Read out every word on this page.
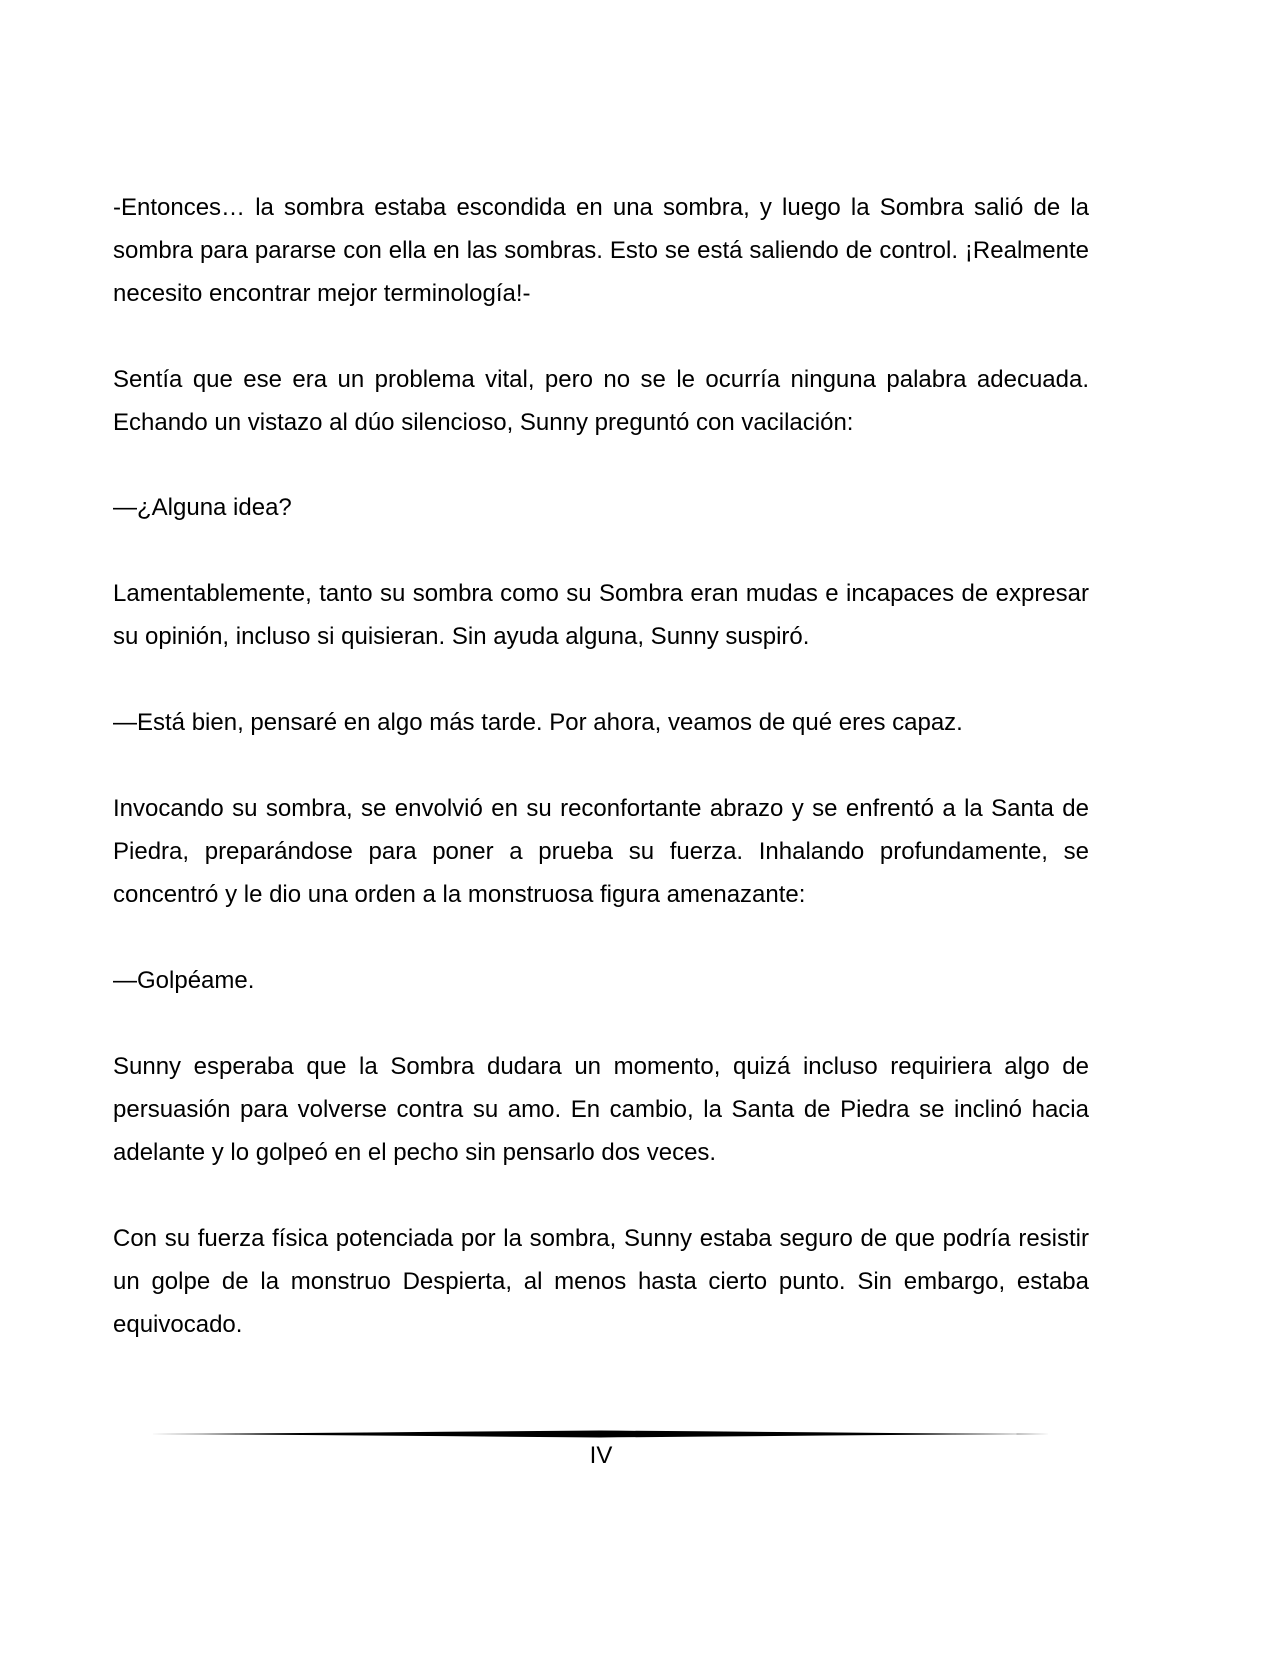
-Entonces… la sombra estaba escondida en una sombra, y luego la Sombra salió de la sombra para pararse con ella en las sombras. Esto se está saliendo de control. ¡Realmente necesito encontrar mejor terminología!-

Sentía que ese era un problema vital, pero no se le ocurría ninguna palabra adecuada. Echando un vistazo al dúo silencioso, Sunny preguntó con vacilación:

—¿Alguna idea?

Lamentablemente, tanto su sombra como su Sombra eran mudas e incapaces de expresar su opinión, incluso si quisieran. Sin ayuda alguna, Sunny suspiró.

—Está bien, pensaré en algo más tarde. Por ahora, veamos de qué eres capaz.

Invocando su sombra, se envolvió en su reconfortante abrazo y se enfrentó a la Santa de Piedra, preparándose para poner a prueba su fuerza. Inhalando profundamente, se concentró y le dio una orden a la monstruosa figura amenazante:

—Golpéame.

Sunny esperaba que la Sombra dudara un momento, quizá incluso requiriera algo de persuasión para volverse contra su amo. En cambio, la Santa de Piedra se inclinó hacia adelante y lo golpeó en el pecho sin pensarlo dos veces.

Con su fuerza física potenciada por la sombra, Sunny estaba seguro de que podría resistir un golpe de la monstruo Despierta, al menos hasta cierto punto. Sin embargo, estaba equivocado.

IV
